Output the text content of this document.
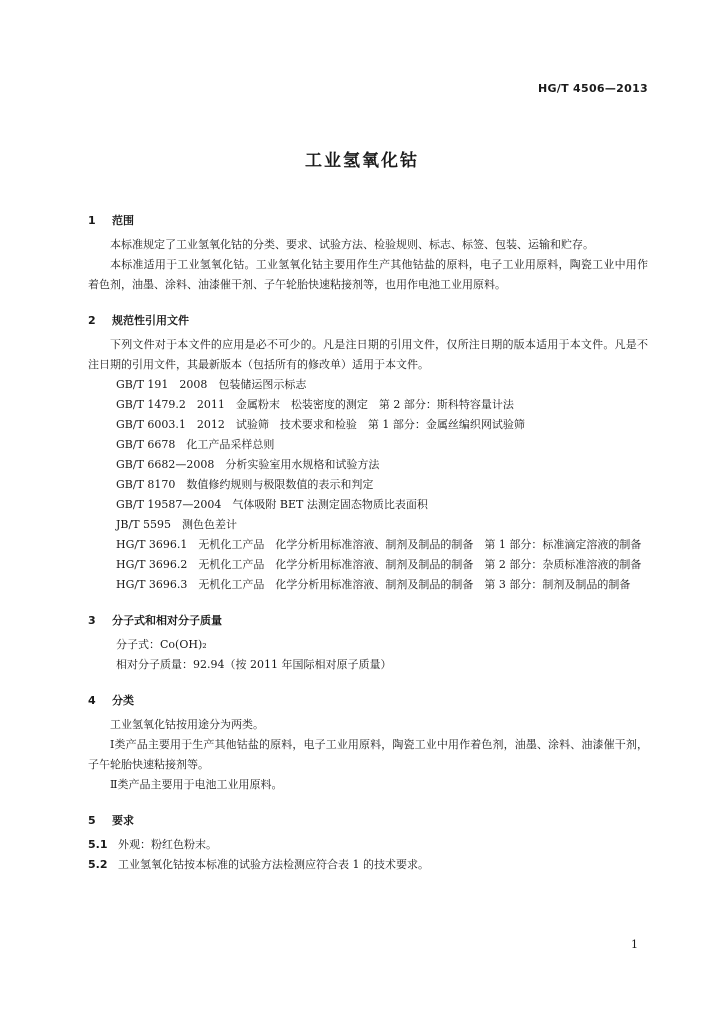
HG/T 4506—2013
工业氢氧化钴
1 范围
本标准规定了工业氢氧化钴的分类、要求、试验方法、检验规则、标志、标签、包装、运输和贮存。
本标准适用于工业氢氧化钴。工业氢氧化钴主要用作生产其他钴盐的原料，电子工业用原料，陶瓷工业中用作着色剂，油墨、涂料、油漆催干剂、子午轮胎快速粘接剂等，也用作电池工业用原料。
2 规范性引用文件
下列文件对于本文件的应用是必不可少的。凡是注日期的引用文件，仅所注日期的版本适用于本文件。凡是不注日期的引用文件，其最新版本（包括所有的修改单）适用于本文件。
GB/T 191　2008　包装储运图示标志
GB/T 1479.2　2011　金属粉末　松装密度的测定　第 2 部分：斯科特容量计法
GB/T 6003.1　2012　试验筛　技术要求和检验　第 1 部分：金属丝编织网试验筛
GB/T 6678　化工产品采样总则
GB/T 6682—2008　分析实验室用水规格和试验方法
GB/T 8170　数值修约规则与极限数值的表示和判定
GB/T 19587—2004　气体吸附 BET 法测定固态物质比表面积
JB/T 5595　测色色差计
HG/T 3696.1　无机化工产品　化学分析用标准溶液、制剂及制品的制备　第 1 部分：标准滴定溶液的制备
HG/T 3696.2　无机化工产品　化学分析用标准溶液、制剂及制品的制备　第 2 部分：杂质标准溶液的制备
HG/T 3696.3　无机化工产品　化学分析用标准溶液、制剂及制品的制备　第 3 部分：制剂及制品的制备
3 分子式和相对分子质量
分子式：Co(OH)₂
相对分子质量：92.94（按 2011 年国际相对原子质量）
4 分类
工业氢氧化钴按用途分为两类。
Ⅰ类产品主要用于生产其他钴盐的原料，电子工业用原料，陶瓷工业中用作着色剂，油墨、涂料、油漆催干剂，子午轮胎快速粘接剂等。
Ⅱ类产品主要用于电池工业用原料。
5 要求
5.1 外观：粉红色粉末。
5.2 工业氢氧化钴按本标准的试验方法检测应符合表 1 的技术要求。
1
